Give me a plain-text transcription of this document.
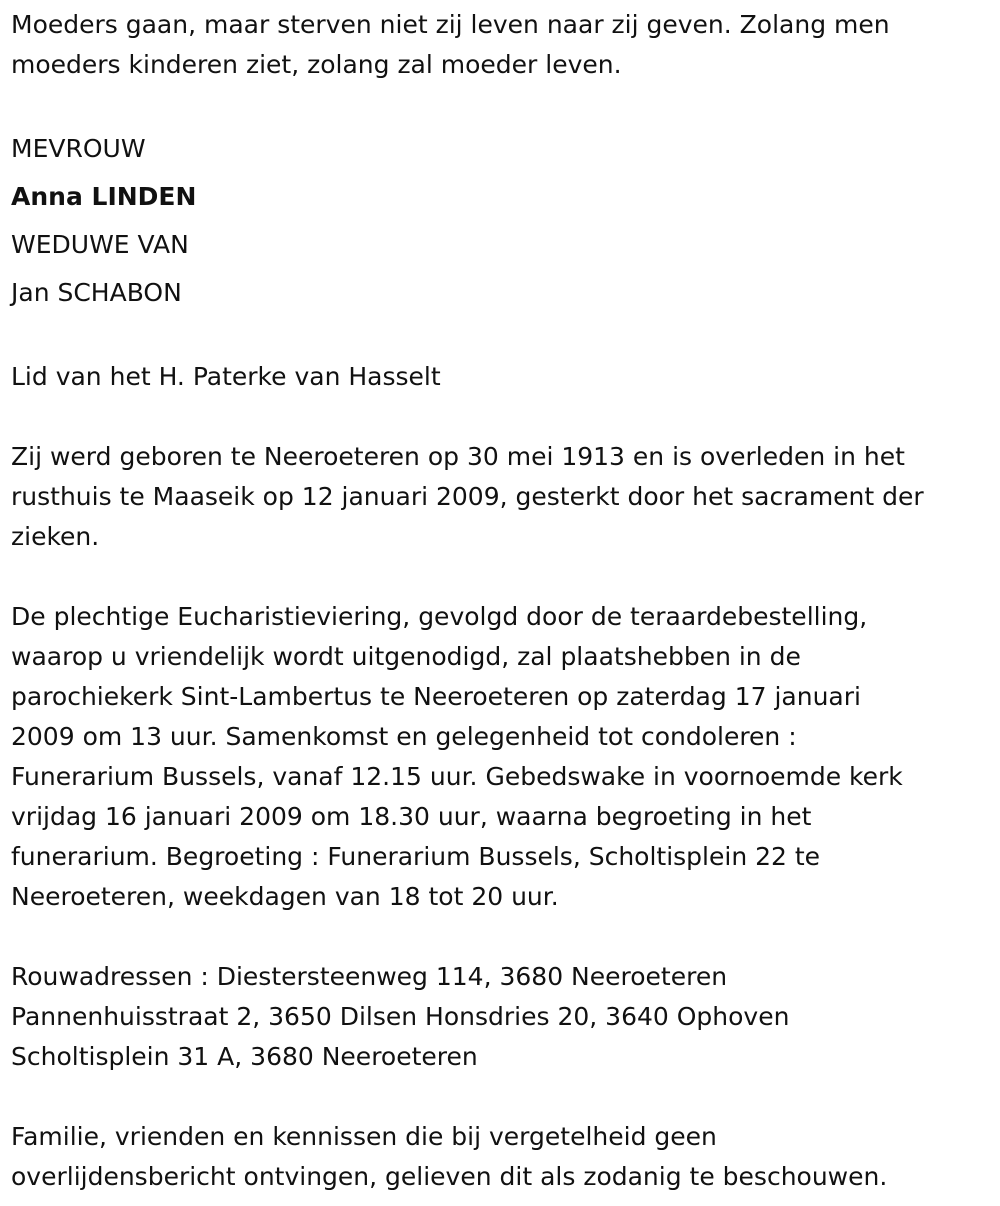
Moeders gaan, maar sterven niet zij leven naar zij geven. Zolang men
moeders kinderen ziet, zolang zal moeder leven.

MEVROUW

Anna LINDEN

WEDUWE VAN

Jan SCHABON

Lid van het H. Paterke van Hasselt

Zij werd geboren te Neeroeteren op 30 mei 1913 en is overleden in het
rusthuis te Maaseik op 12 januari 2009, gesterkt door het sacrament der
zieken.

De plechtige Eucharistieviering, gevolgd door de teraardebestelling,
waarop u vriendelijk wordt uitgenodigd, zal plaatshebben in de
parochiekerk Sint-Lambertus te Neeroeteren op zaterdag 17 januari
2009 om 13 uur. Samenkomst en gelegenheid tot condoleren :
Funerarium Bussels, vanaf 12.15 uur. Gebedswake in voornoemde kerk
vrijdag 16 januari 2009 om 18.30 uur, waarna begroeting in het
funerarium. Begroeting : Funerarium Bussels, Scholtisplein 22 te
Neeroeteren, weekdagen van 18 tot 20 uur.

Rouwadressen : Diestersteenweg 114, 3680 Neeroeteren
Pannenhuisstraat 2, 3650 Dilsen Honsdries 20, 3640 Ophoven
Scholtisplein 31 A, 3680 Neeroeteren

Familie, vrienden en kennissen die bij vergetelheid geen
overlijdensbericht ontvingen, gelieven dit als zodanig te beschouwen.
